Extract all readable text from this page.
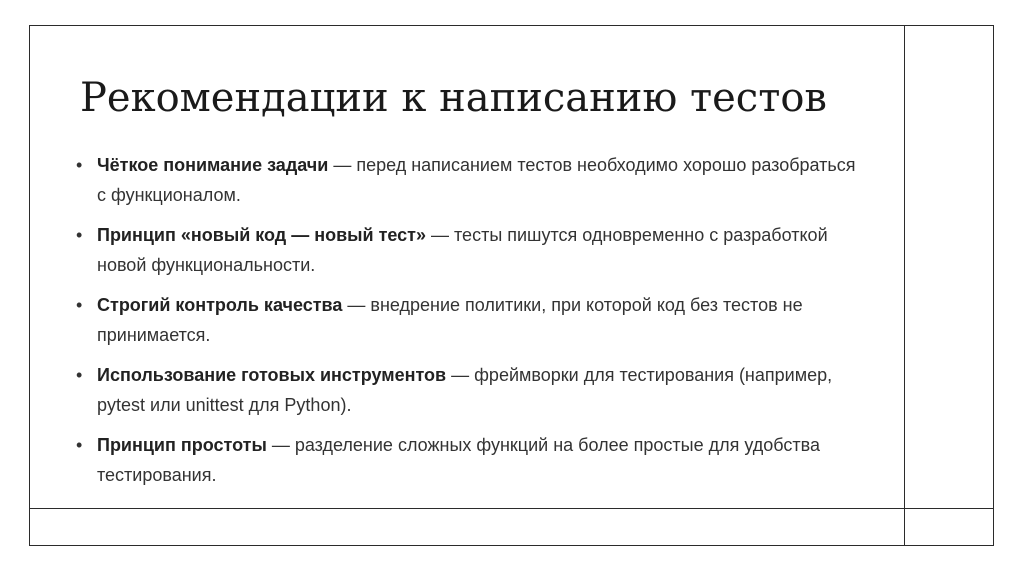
Рекомендации к написанию тестов
• Чёткое понимание задачи — перед написанием тестов необходимо хорошо разобраться с функционалом.
• Принцип «новый код — новый тест» — тесты пишутся одновременно с разработкой новой функциональности.
• Строгий контроль качества — внедрение политики, при которой код без тестов не принимается.
• Использование готовых инструментов — фреймворки для тестирования (например, pytest или unittest для Python).
• Принцип простоты — разделение сложных функций на более простые для удобства тестирования.
